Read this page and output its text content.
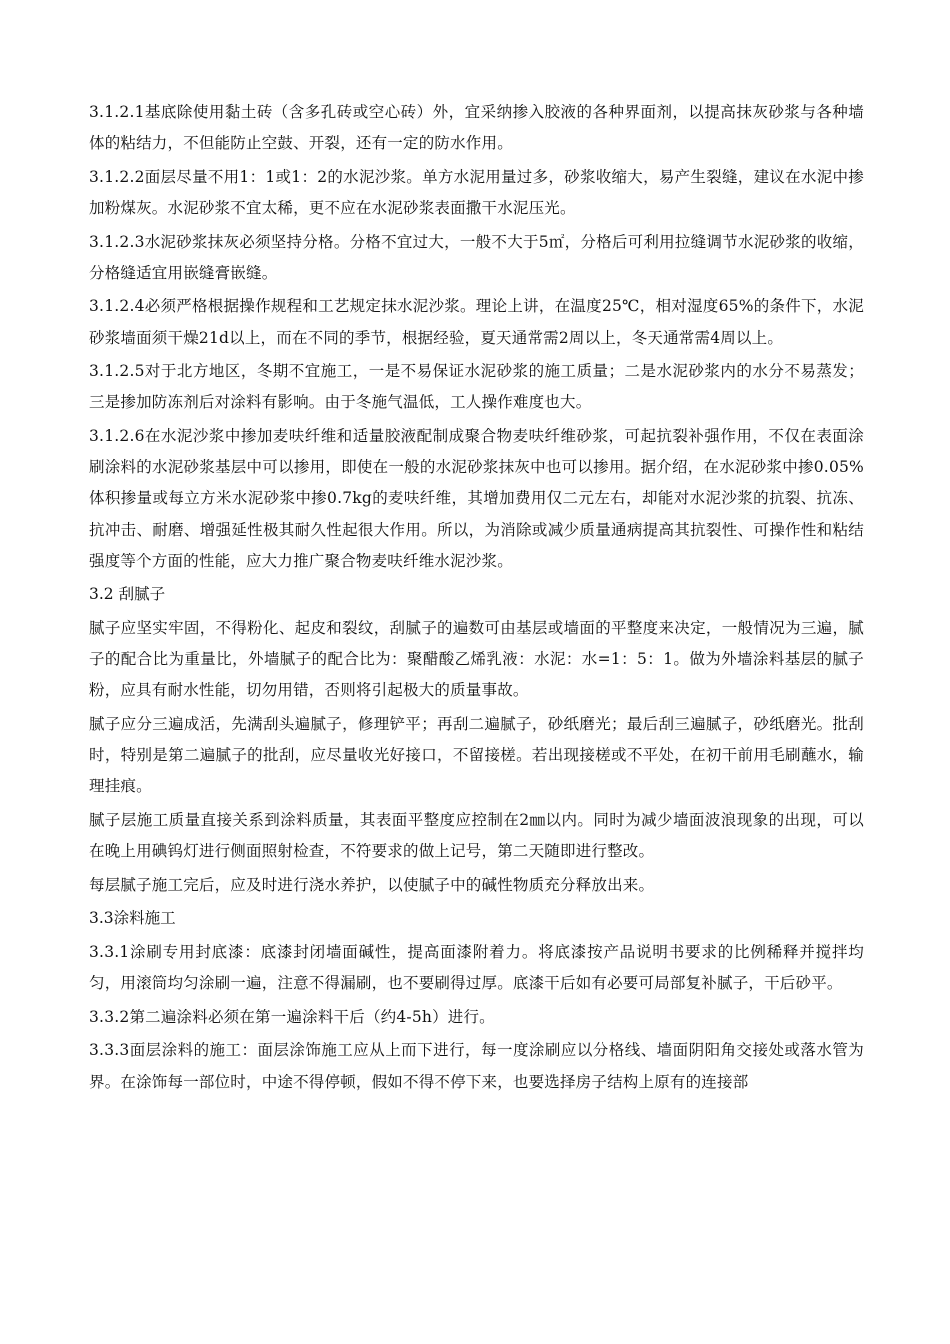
3.1.2.1基底除使用黏土砖（含多孔砖或空心砖）外，宜采纳掺入胶液的各种界面剂，以提高抹灰砂浆与各种墙体的粘结力，不但能防止空鼓、开裂，还有一定的防水作用。

3.1.2.2面层尽量不用1：1或1：2的水泥沙浆。单方水泥用量过多，砂浆收缩大，易产生裂缝，建议在水泥中掺加粉煤灰。水泥砂浆不宜太稀，更不应在水泥砂浆表面撒干水泥压光。

3.1.2.3水泥砂浆抹灰必须坚持分格。分格不宜过大，一般不大于5㎡，分格后可利用拉缝调节水泥砂浆的收缩，分格缝适宜用嵌缝膏嵌缝。

3.1.2.4必须严格根据操作规程和工艺规定抹水泥沙浆。理论上讲，在温度25℃，相对湿度65%的条件下，水泥砂浆墙面须干燥21d以上，而在不同的季节，根据经验，夏天通常需2周以上，冬天通常需4周以上。

3.1.2.5对于北方地区，冬期不宜施工，一是不易保证水泥砂浆的施工质量；二是水泥砂浆内的水分不易蒸发；三是掺加防冻剂后对涂料有影响。由于冬施气温低，工人操作难度也大。

3.1.2.6在水泥沙浆中掺加麦呋纤维和适量胶液配制成聚合物麦呋纤维砂浆，可起抗裂补强作用，不仅在表面涂刷涂料的水泥砂浆基层中可以掺用，即使在一般的水泥砂浆抹灰中也可以掺用。据介绍，在水泥砂浆中掺0.05%体积掺量或每立方米水泥砂浆中掺0.7kg的麦呋纤维，其增加费用仅二元左右，却能对水泥沙浆的抗裂、抗冻、抗冲击、耐磨、增强延性极其耐久性起很大作用。所以，为消除或减少质量通病提高其抗裂性、可操作性和粘结强度等个方面的性能，应大力推广聚合物麦呋纤维水泥沙浆。

3.2 刮腻子

腻子应坚实牢固，不得粉化、起皮和裂纹，刮腻子的遍数可由基层或墙面的平整度来决定，一般情况为三遍，腻子的配合比为重量比，外墙腻子的配合比为：聚醋酸乙烯乳液：水泥：水=1：5：1。做为外墙涂料基层的腻子粉，应具有耐水性能，切勿用错，否则将引起极大的质量事故。

腻子应分三遍成活，先满刮头遍腻子，修理铲平；再刮二遍腻子，砂纸磨光；最后刮三遍腻子，砂纸磨光。批刮时，特别是第二遍腻子的批刮，应尽量收光好接口，不留接槎。若出现接槎或不平处，在初干前用毛刷蘸水，输理挂痕。

腻子层施工质量直接关系到涂料质量，其表面平整度应控制在2㎜以内。同时为减少墙面波浪现象的出现，可以在晚上用碘钨灯进行侧面照射检查，不符要求的做上记号，第二天随即进行整改。

每层腻子施工完后，应及时进行浇水养护，以使腻子中的碱性物质充分释放出来。

3.3涂料施工

3.3.1涂刷专用封底漆：底漆封闭墙面碱性，提高面漆附着力。将底漆按产品说明书要求的比例稀释并搅拌均匀，用滚筒均匀涂刷一遍，注意不得漏刷，也不要刷得过厚。底漆干后如有必要可局部复补腻子，干后砂平。

3.3.2第二遍涂料必须在第一遍涂料干后（约4-5h）进行。

3.3.3面层涂料的施工：面层涂饰施工应从上而下进行，每一度涂刷应以分格线、墙面阴阳角交接处或落水管为界。在涂饰每一部位时，中途不得停顿，假如不得不停下来，也要选择房子结构上原有的连接部
